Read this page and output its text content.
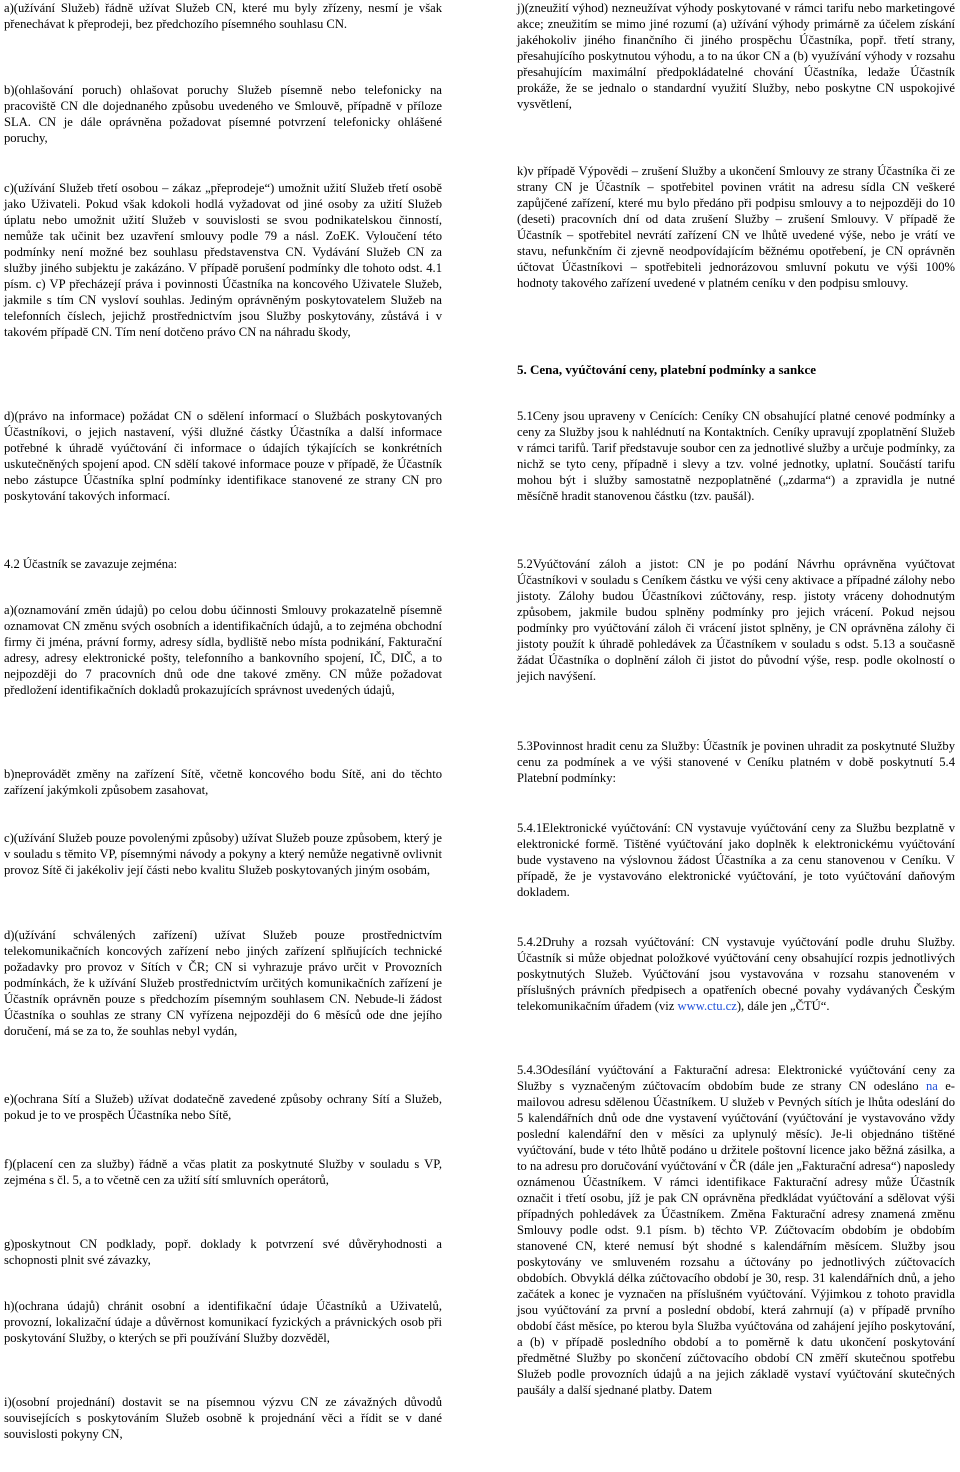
a)(užívání Služeb) řádně užívat Služeb CN, které mu byly zřízeny, nesmí je však přenechávat k přeprodeji, bez předchozího písemného souhlasu CN.

b)(ohlašování poruch) ohlašovat poruchy Služeb písemně nebo telefonicky na pracoviště CN dle dojednaného způsobu uvedeného ve Smlouvě, případně v příloze SLA. CN je dále oprávněna požadovat písemné potvrzení telefonicky ohlášené poruchy,

c)(užívání Služeb třetí osobou – zákaz „přeprodeje“) umožnit užití Služeb třetí osobě jako Uživateli. Pokud však kdokoli hodlá vyžadovat od jiné osoby za užití Služeb úplatu nebo umožnit užití Služeb v souvislosti se svou podnikatelskou činností, nemůže tak učinit bez uzavření smlouvy podle 79 a násl. ZoEK. Vyloučení této podmínky není možné bez souhlasu představenstva CN. Vydávání Služeb CN za služby jiného subjektu je zakázáno. V případě porušení podmínky dle tohoto odst. 4.1 písm. c) VP přecházejí práva i povinnosti Účastníka na koncového Uživatele Služeb, jakmile s tím CN vysloví souhlas. Jediným oprávněným poskytovatelem Služeb na telefonních číslech, jejichž prostřednictvím jsou Služby poskytovány, zůstává i v takovém případě CN. Tím není dotčeno právo CN na náhradu škody,

d)(právo na informace) požádat CN o sdělení informací o Službách poskytovaných Účastníkovi, o jejich nastavení, výši dlužné částky Účastníka a další informace potřebné k úhradě vyúčtování či informace o údajích týkajících se konkrétních uskutečněných spojení apod. CN sdělí takové informace pouze v případě, že Účastník nebo zástupce Účastníka splní podmínky identifikace stanovené ze strany CN pro poskytování takových informací.

4.2 Účastník se zavazuje zejména:

a)(oznamování změn údajů) po celou dobu účinnosti Smlouvy prokazatelně písemně oznamovat CN změnu svých osobních a identifikačních údajů, a to zejména obchodní firmy či jména, právní formy, adresy sídla, bydliště nebo místa podnikání, Fakturační adresy, adresy elektronické pošty, telefonního a bankovního spojení, IČ, DIČ, a to nejpozději do 7 pracovních dnů ode dne takové změny. CN může požadovat předložení identifikačních dokladů prokazujících správnost uvedených údajů,

b)neprovádět změny na zařízení Sítě, včetně koncového bodu Sítě, ani do těchto zařízení jakýmkoli způsobem zasahovat,

c)(užívání Služeb pouze povolenými způsoby) užívat Služeb pouze způsobem, který je v souladu s těmito VP, písemnými návody a pokyny a který nemůže negativně ovlivnit provoz Sítě či jakékoliv její části nebo kvalitu Služeb poskytovaných jiným osobám,

d)(užívání schválených zařízení) užívat Služeb pouze prostřednictvím telekomunikačních koncových zařízení nebo jiných zařízení splňujících technické požadavky pro provoz v Sítích v ČR; CN si vyhrazuje právo určit v Provozních podmínkách, že k užívání Služeb prostřednictvím určitých komunikačních zařízení je Účastník oprávněn pouze s předchozím písemným souhlasem CN. Nebude-li žádost Účastníka o souhlas ze strany CN vyřízena nejpozději do 6 měsíců ode dne jejího doručení, má se za to, že souhlas nebyl vydán,

e)(ochrana Sítí a Služeb) užívat dodatečně zavedené způsoby ochrany Sítí a Služeb, pokud je to ve prospěch Účastníka nebo Sítě,

f)(placení cen za služby) řádně a včas platit za poskytnuté Služby v souladu s VP, zejména s čl. 5, a to včetně cen za užití sítí smluvních operátorů,

g)poskytnout CN podklady, popř. doklady k potvrzení své důvěryhodnosti a schopnosti plnit své závazky,

h)(ochrana údajů) chránit osobní a identifikační údaje Účastníků a Uživatelů, provozní, lokalizační údaje a důvěrnost komunikací fyzických a právnických osob při poskytování Služby, o kterých se při používání Služby dozvěděl,

i)(osobní projednání) dostavit se na písemnou výzvu CN ze závažných důvodů souvisejících s poskytováním Služeb osobně k projednání věci a řídit se v dané souvislosti pokyny CN,

j)(zneužití výhod) nezneužívat výhody poskytované v rámci tarifu nebo marketingové akce; zneužitím se mimo jiné rozumí (a) užívání výhody primárně za účelem získání jakéhokoliv jiného finančního či jiného prospěchu Účastníka, popř. třetí strany, přesahujícího poskytnutou výhodu, a to na úkor CN a (b) využívání výhody v rozsahu přesahujícím maximální předpokládatelné chování Účastníka, ledaže Účastník prokáže, že se jednalo o standardní využití Služby, nebo poskytne CN uspokojivé vysvětlení,

k)v případě Výpovědi – zrušení Služby a ukončení Smlouvy ze strany Účastníka či ze strany CN je Účastník – spotřebitel povinen vrátit na adresu sídla CN veškeré zapůjčené zařízení, které mu bylo předáno při podpisu smlouvy a to nejpozději do 10 (deseti) pracovních dní od data zrušení Služby – zrušení Smlouvy. V případě že Účastník – spotřebitel nevrátí zařízení CN ve lhůtě uvedené výše, nebo je vrátí ve stavu, nefunkčním či zjevně neodpovídajícím běžnému opotřebení, je CN oprávněn účtovat Účastníkovi – spotřebiteli jednorázovou smluvní pokutu ve výši 100% hodnoty takového zařízení uvedené v platném ceníku v den podpisu smlouvy.

5. Cena, vyúčtování ceny, platební podmínky a sankce

5.1Ceny jsou upraveny v Cenících: Ceníky CN obsahující platné cenové podmínky a ceny za Služby jsou k nahlédnutí na Kontaktních. Ceníky upravují zpoplatnění Služeb v rámci tarifů. Tarif představuje soubor cen za jednotlivé služby a určuje podmínky, za nichž se tyto ceny, případně i slevy a tzv. volné jednotky, uplatní. Součástí tarifu mohou být i služby samostatně nezpoplatněné („zdarma“) a zpravidla je nutné měsíčně hradit stanovenou částku (tzv. paušál).

5.2Vyúčtování záloh a jistot: CN je po podání Návrhu oprávněna vyúčtovat Účastníkovi v souladu s Ceníkem částku ve výši ceny aktivace a případné zálohy nebo jistoty. Zálohy budou Účastníkovi zúčtovány, resp. jistoty vráceny dohodnutým způsobem, jakmile budou splněny podmínky pro jejich vrácení. Pokud nejsou podmínky pro vyúčtování záloh či vrácení jistot splněny, je CN oprávněna zálohy či jistoty použít k úhradě pohledávek za Účastníkem v souladu s odst. 5.13 a současně žádat Účastníka o doplnění záloh či jistot do původní výše, resp. podle okolností o jejich navýšení.

5.3Povinnost hradit cenu za Služby: Účastník je povinen uhradit za poskytnuté Služby cenu za podmínek a ve výši stanovené v Ceníku platném v době poskytnutí 5.4 Platební podmínky:

5.4.1Elektronické vyúčtování: CN vystavuje vyúčtování ceny za Službu bezplatně v elektronické formě. Tištěné vyúčtování jako doplněk k elektronickému vyúčtování bude vystaveno na výslovnou žádost Účastníka a za cenu stanovenou v Ceníku. V případě, že je vystavováno elektronické vyúčtování, je toto vyúčtování daňovým dokladem.

5.4.2Druhy a rozsah vyúčtování: CN vystavuje vyúčtování podle druhu Služby. Účastník si může objednat položkové vyúčtování ceny obsahující rozpis jednotlivých poskytnutých Služeb. Vyúčtování jsou vystavována v rozsahu stanoveném v příslušných právních předpisech a opatřeních obecné povahy vydávaných Českým telekomunikačním úřadem (viz www.ctu.cz), dále jen „ČTÚ“.

5.4.3Odesílání vyúčtování a Fakturační adresa: Elektronické vyúčtování ceny za Služby s vyznačeným zúčtovacím obdobím bude ze strany CN odesláno na e-mailovou adresu sdělenou Účastníkem. U služeb v Pevných sítích je lhůta odeslání do 5 kalendářních dnů ode dne vystavení vyúčtování (vyúčtování je vystavováno vždy poslední kalendářní den v měsíci za uplynulý měsíc). Je-li objednáno tištěné vyúčtování, bude v této lhůtě podáno u držitele poštovní licence jako běžná zásilka, a to na adresu pro doručování vyúčtování v ČR (dále jen „Fakturační adresa“) naposledy oznámenou Účastníkem. V rámci identifikace Fakturační adresy může Účastník označit i třetí osobu, jíž je pak CN oprávněna předkládat vyúčtování a sdělovat výši případných pohledávek za Účastníkem. Změna Fakturační adresy znamená změnu Smlouvy podle odst. 9.1 písm. b) těchto VP. Zúčtovacím obdobím je obdobím stanovené CN, které nemusí být shodné s kalendářním měsícem. Služby jsou poskytovány ve smluveném rozsahu a účtovány po jednotlivých zúčtovacích obdobích. Obvyklá délka zúčtovacího období je 30, resp. 31 kalendářních dnů, a jeho začátek a konec je vyznačen na příslušném vyúčtování. Výjimkou z tohoto pravidla jsou vyúčtování za první a poslední období, která zahrnují (a) v případě prvního období část měsíce, po kterou byla Služba vyúčtována od zahájení jejího poskytování, a (b) v případě posledního období a to poměrně k datu ukončení poskytování předmětné Služby po skončení zúčtovacího období CN změří skutečnou spotřebu Služeb podle provozních údajů a na jejich základě vystaví vyúčtování skutečných paušály a další sjednané platby. Datem
